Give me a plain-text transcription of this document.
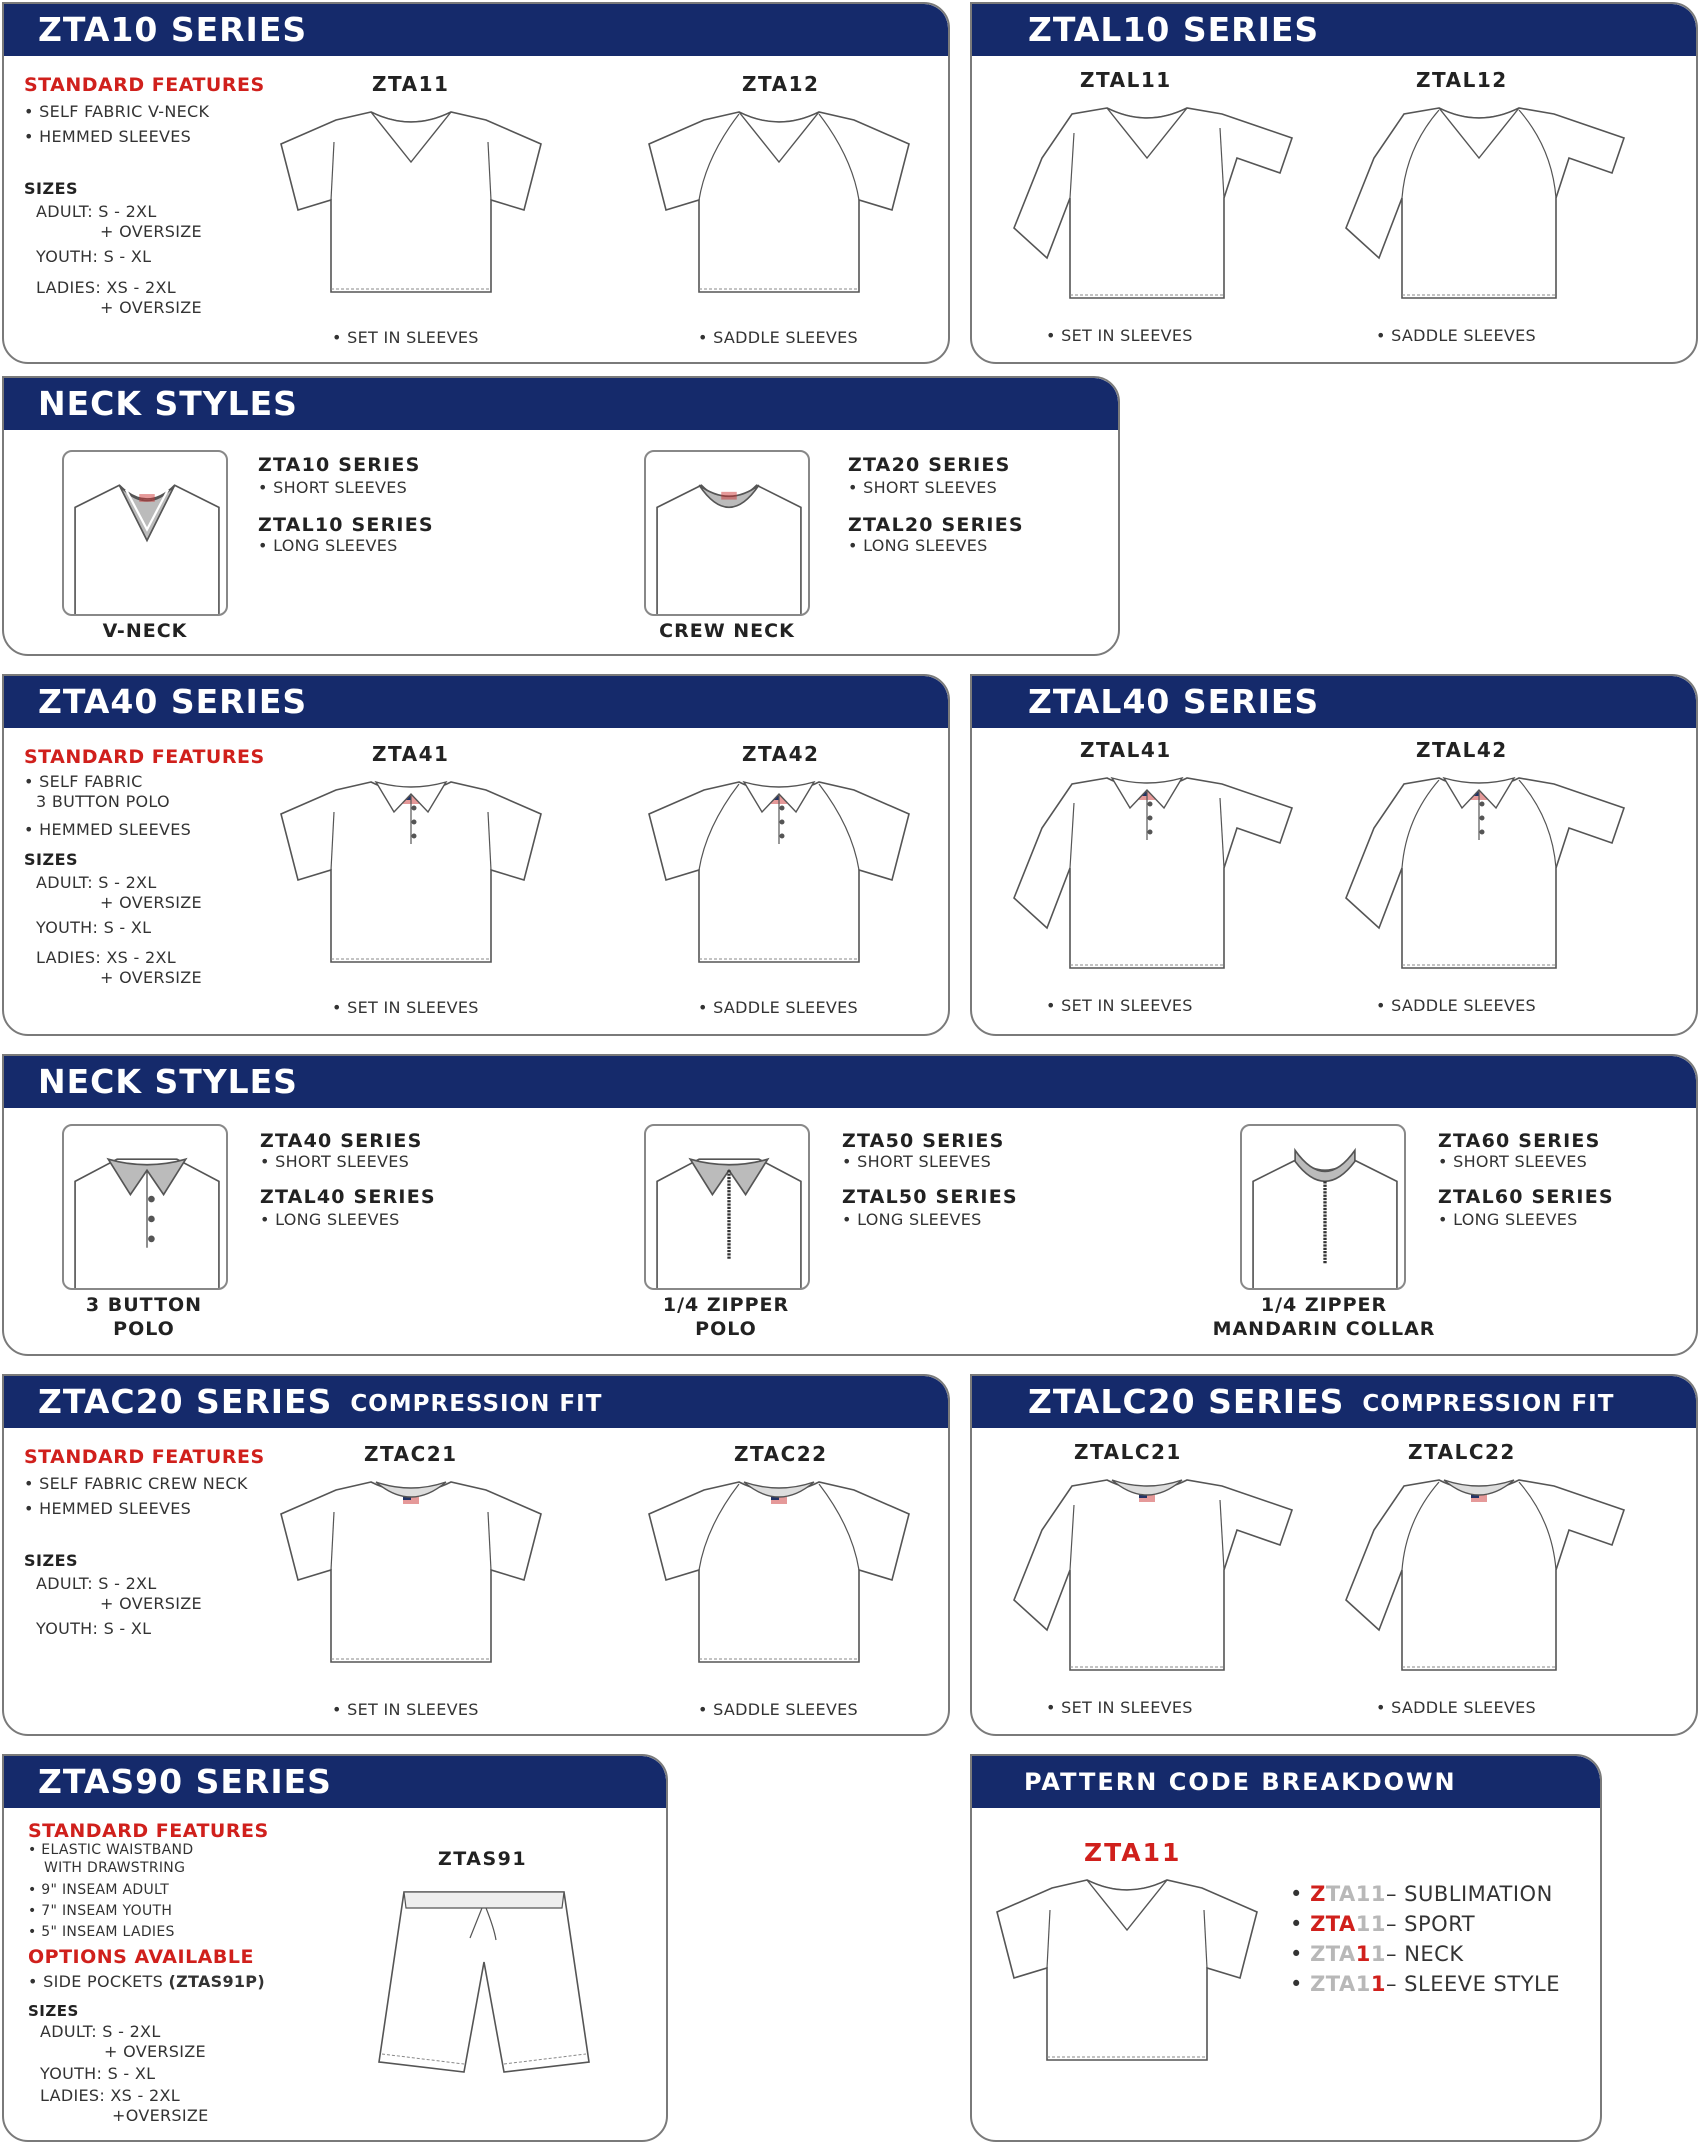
ZTA10 SERIES
STANDARD FEATURES
• SELF FABRIC V-NECK
• HEMMED SLEEVES
SIZES
ADULT: S - 2XL
+ OVERSIZE
YOUTH: S - XL
LADIES: XS - 2XL
+ OVERSIZE
ZTA11
• SET IN SLEEVES
ZTA12
• SADDLE SLEEVES
ZTAL10 SERIES
ZTAL11
• SET IN SLEEVES
ZTAL12
• SADDLE SLEEVES
NECK STYLES
V-NECK
ZTA10 SERIES
• SHORT SLEEVES
ZTAL10 SERIES
• LONG SLEEVES
CREW NECK
ZTA20 SERIES
• SHORT SLEEVES
ZTAL20 SERIES
• LONG SLEEVES
ZTA40 SERIES
STANDARD FEATURES
• SELF FABRIC
3 BUTTON POLO
• HEMMED SLEEVES
SIZES
ADULT: S - 2XL
+ OVERSIZE
YOUTH: S - XL
LADIES: XS - 2XL
+ OVERSIZE
ZTA41
• SET IN SLEEVES
ZTA42
• SADDLE SLEEVES
ZTAL40 SERIES
ZTAL41
• SET IN SLEEVES
ZTAL42
• SADDLE SLEEVES
NECK STYLES
3 BUTTON
POLO
ZTA40 SERIES
• SHORT SLEEVES
ZTAL40 SERIES
• LONG SLEEVES
1/4 ZIPPER
POLO
ZTA50 SERIES
• SHORT SLEEVES
ZTAL50 SERIES
• LONG SLEEVES
1/4 ZIPPER
MANDARIN COLLAR
ZTA60 SERIES
• SHORT SLEEVES
ZTAL60 SERIES
• LONG SLEEVES
ZTAC20 SERIES COMPRESSION FIT
STANDARD FEATURES
• SELF FABRIC CREW NECK
• HEMMED SLEEVES
SIZES
ADULT: S - 2XL
+ OVERSIZE
YOUTH: S - XL
ZTAC21
• SET IN SLEEVES
ZTAC22
• SADDLE SLEEVES
ZTALC20 SERIES COMPRESSION FIT
ZTALC21
• SET IN SLEEVES
ZTALC22
• SADDLE SLEEVES
ZTAS90 SERIES
STANDARD FEATURES
• ELASTIC WAISTBAND
WITH DRAWSTRING
• 9" INSEAM ADULT
• 7" INSEAM YOUTH
• 5" INSEAM LADIES
OPTIONS AVAILABLE
• SIDE POCKETS (ZTAS91P)
SIZES
ADULT: S - 2XL
+ OVERSIZE
YOUTH: S - XL
LADIES: XS - 2XL
+OVERSIZE
ZTAS91
PATTERN CODE BREAKDOWN
ZTA11
• ZTA11– SUBLIMATION
• ZTA11– SPORT
• ZTA11– NECK
• ZTA11– SLEEVE STYLE
